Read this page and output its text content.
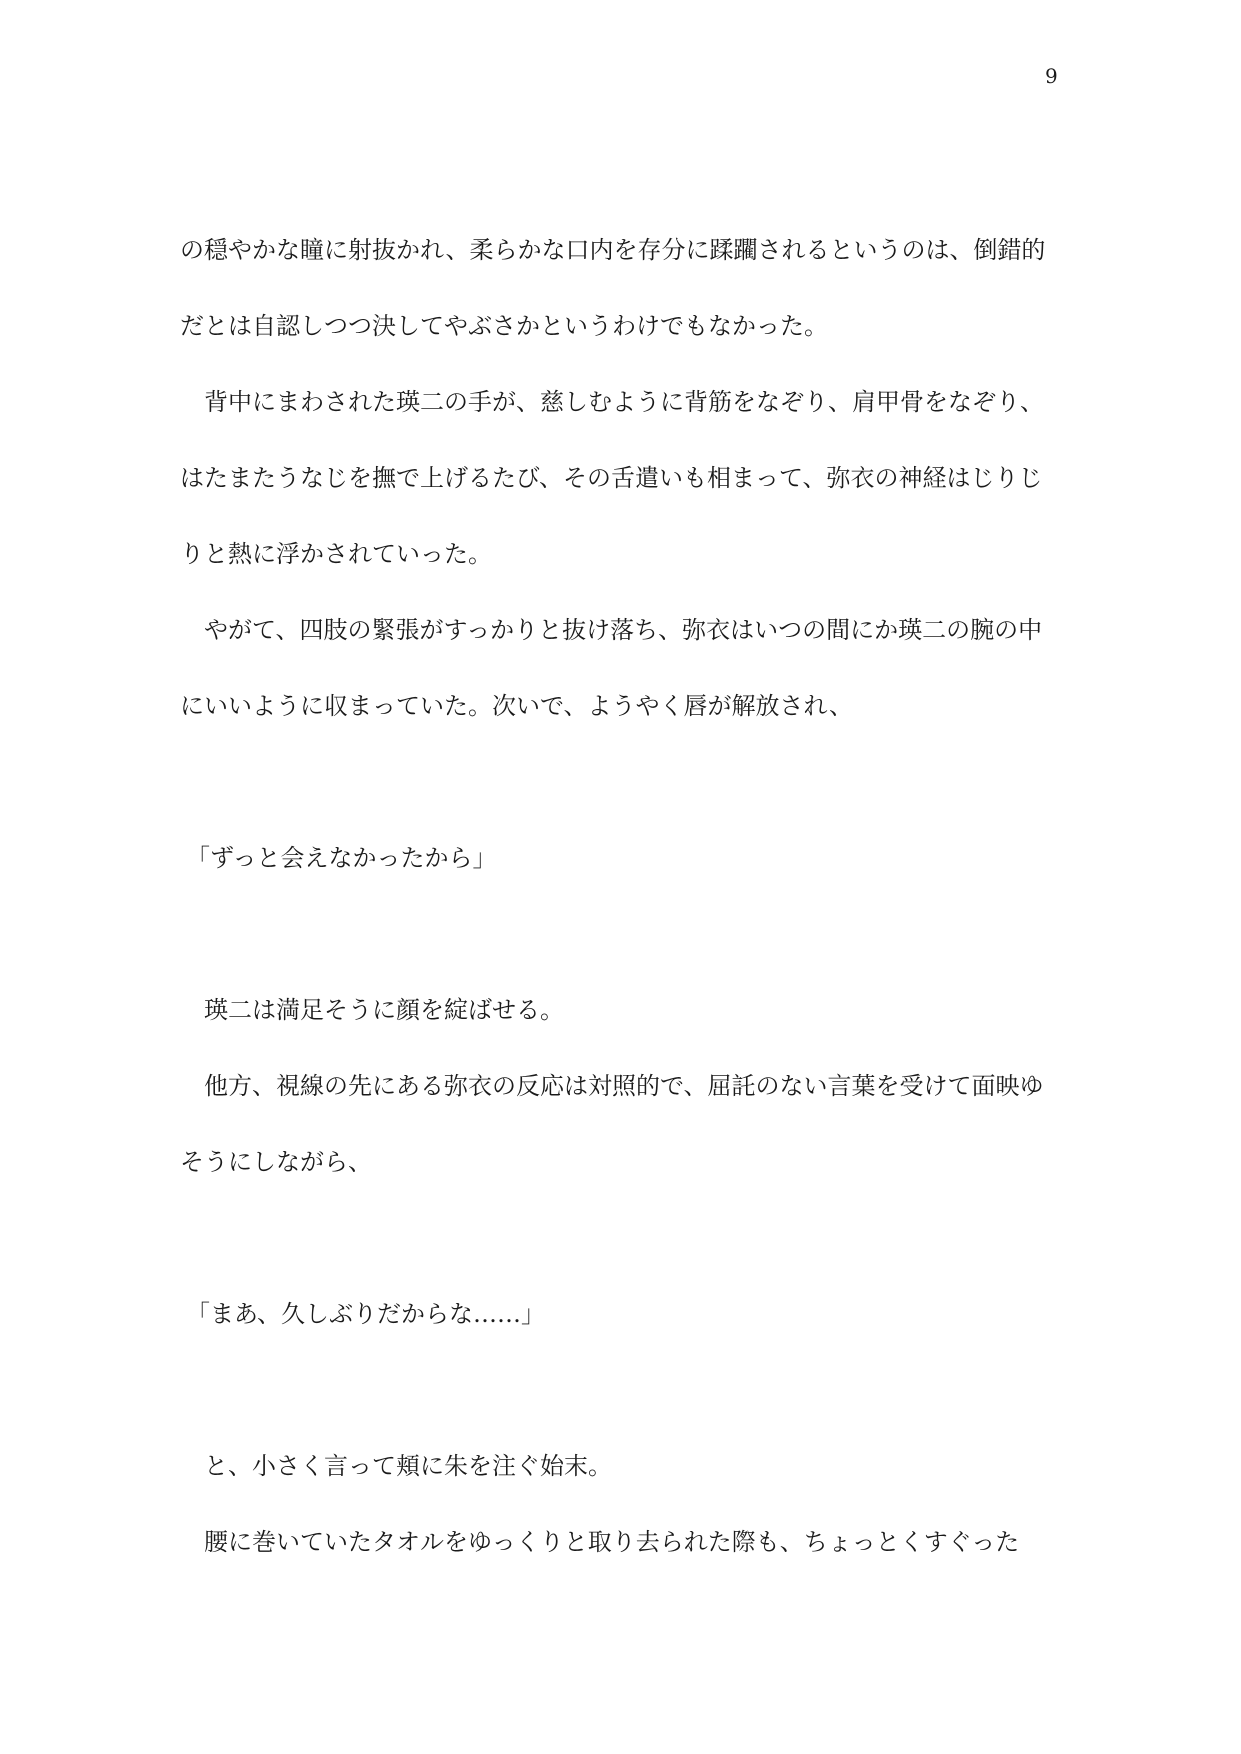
9
の穏やかな瞳に射抜かれ、柔らかな口内を存分に蹂躙されるというのは、倒錯的
だとは自認しつつ決してやぶさかというわけでもなかった。
背中にまわされた瑛二の手が、慈しむように背筋をなぞり、肩甲骨をなぞり、
はたまたうなじを撫で上げるたび、その舌遣いも相まって、弥衣の神経はじりじ
りと熱に浮かされていった。
やがて、四肢の緊張がすっかりと抜け落ち、弥衣はいつの間にか瑛二の腕の中
にいいように収まっていた。次いで、ようやく唇が解放され、
「ずっと会えなかったから」
瑛二は満足そうに顔を綻ばせる。
他方、視線の先にある弥衣の反応は対照的で、屈託のない言葉を受けて面映ゆ
そうにしながら、
「まあ、久しぶりだからな……」
と、小さく言って頬に朱を注ぐ始末。
腰に巻いていたタオルをゆっくりと取り去られた際も、ちょっとくすぐった
